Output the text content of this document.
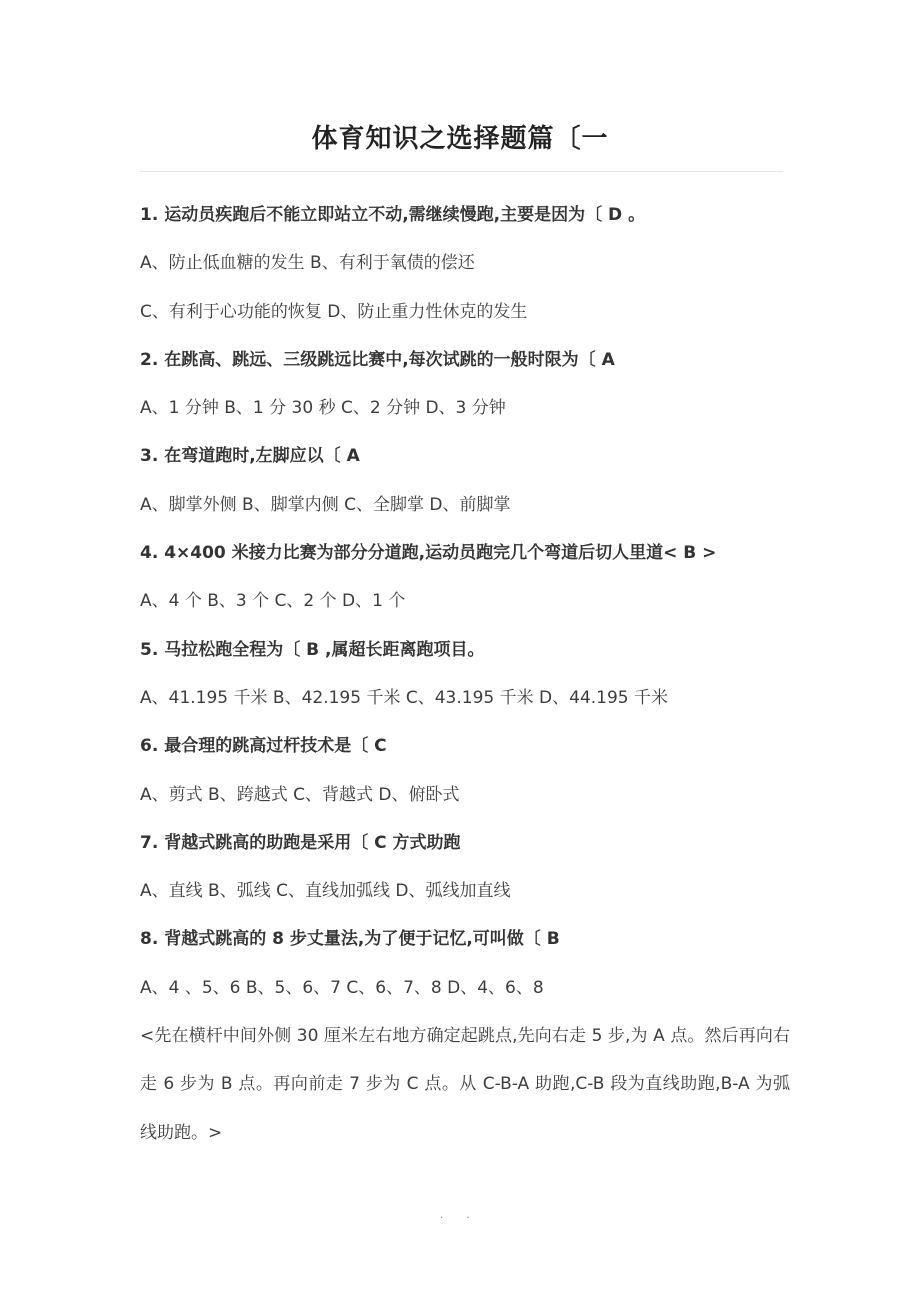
体育知识之选择题篇〔一
1. 运动员疾跑后不能立即站立不动,需继续慢跑,主要是因为〔 D 。
A、防止低血糖的发生 B、有利于氧债的偿还
C、有利于心功能的恢复 D、防止重力性休克的发生
2. 在跳高、跳远、三级跳远比赛中,每次试跳的一般时限为〔 A
A、1 分钟 B、1 分 30 秒 C、2 分钟 D、3 分钟
3. 在弯道跑时,左脚应以〔 A
A、脚掌外侧 B、脚掌内侧 C、全脚掌 D、前脚掌
4. 4×400 米接力比赛为部分分道跑,运动员跑完几个弯道后切人里道< B >
A、4 个 B、3 个 C、2 个 D、1 个
5. 马拉松跑全程为〔 B ,属超长距离跑项目。
A、41.195 千米 B、42.195 千米 C、43.195 千米 D、44.195 千米
6. 最合理的跳高过杆技术是〔 C
A、剪式 B、跨越式 C、背越式 D、俯卧式
7. 背越式跳高的助跑是采用〔 C 方式助跑
A、直线 B、弧线 C、直线加弧线 D、弧线加直线
8. 背越式跳高的 8 步丈量法,为了便于记忆,可叫做〔 B
A、4 、5、6 B、5、6、7 C、6、7、8 D、4、6、8
<先在横杆中间外侧 30 厘米左右地方确定起跳点,先向右走 5 步,为 A 点。然后再向右走 6 步为 B 点。再向前走 7 步为 C 点。从 C-B-A 助跑,C-B 段为直线助跑,B-A 为弧线助跑。>
. .
